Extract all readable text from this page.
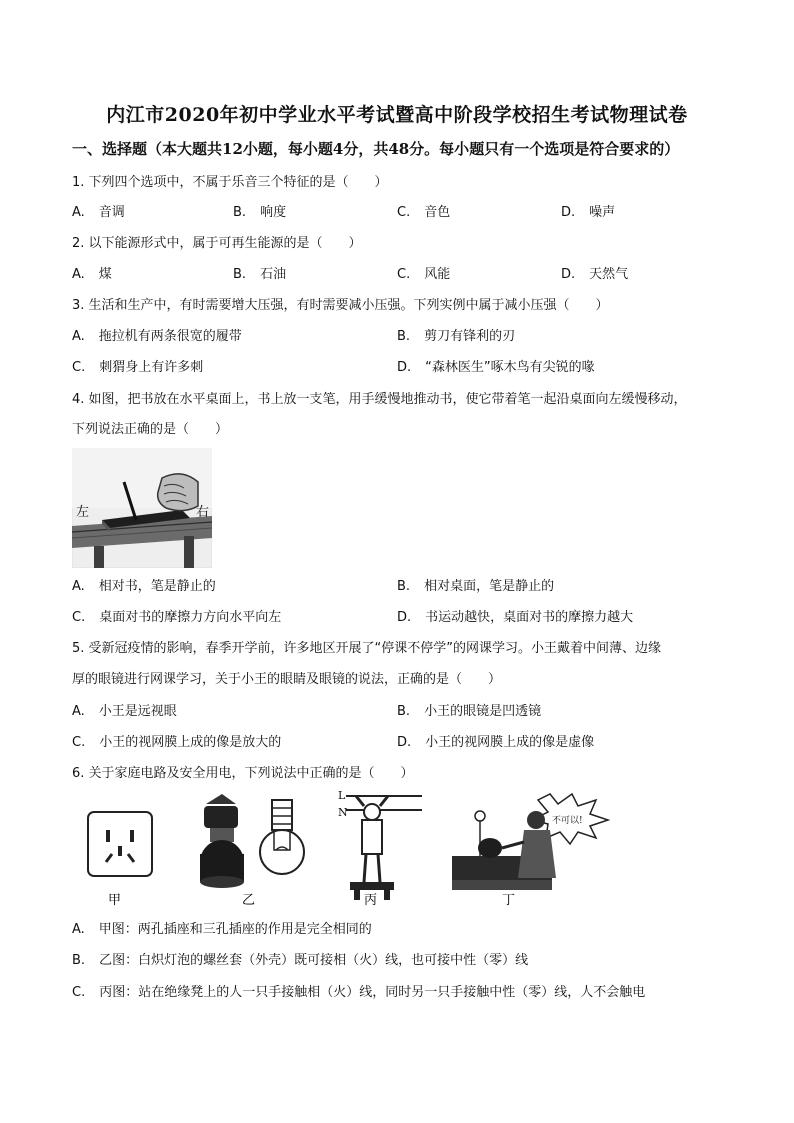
内江市2020年初中学业水平考试暨高中阶段学校招生考试物理试卷
一、选择题（本大题共12小题，每小题4分，共48分。每小题只有一个选项是符合要求的）
1. 下列四个选项中，不属于乐音三个特征的是（　　）
A. 音调	B. 响度	C. 音色	D. 噪声
2. 以下能源形式中，属于可再生能源的是（　　）
A. 煤	B. 石油	C. 风能	D. 天然气
3. 生活和生产中，有时需要增大压强，有时需要减小压强。下列实例中属于减小压强（　　）
A. 拖拉机有两条很宽的履带	B. 剪刀有锋利的刃
C. 刺猬身上有许多刺	D. “森林医生”啄木鸟有尖锐的喙
4. 如图，把书放在水平桌面上，书上放一支笔，用手缓慢地推动书，使它带着笔一起沿桌面向左缓慢移动，
下列说法正确的是（　　）
左	右
A. 相对书，笔是静止的	B. 相对桌面，笔是静止的
C. 桌面对书的摩擦力方向水平向左	D. 书运动越快，桌面对书的摩擦力越大
5. 受新冠疫情的影响，春季开学前，许多地区开展了“停课不停学”的网课学习。小王戴着中间薄、边缘
厚的眼镜进行网课学习，关于小王的眼睛及眼镜的说法，正确的是（　　）
A. 小王是远视眼	B. 小王的眼镜是凹透镜
C. 小王的视网膜上成的像是放大的	D. 小王的视网膜上成的像是虚像
6. 关于家庭电路及安全用电，下列说法中正确的是（　　）
甲	乙
L
N
丙
不可以!
丁
A. 甲图：两孔插座和三孔插座的作用是完全相同的
B. 乙图：白炽灯泡的螺丝套（外壳）既可接相（火）线，也可接中性（零）线
C. 丙图：站在绝缘凳上的人一只手接触相（火）线，同时另一只手接触中性（零）线，人不会触电
